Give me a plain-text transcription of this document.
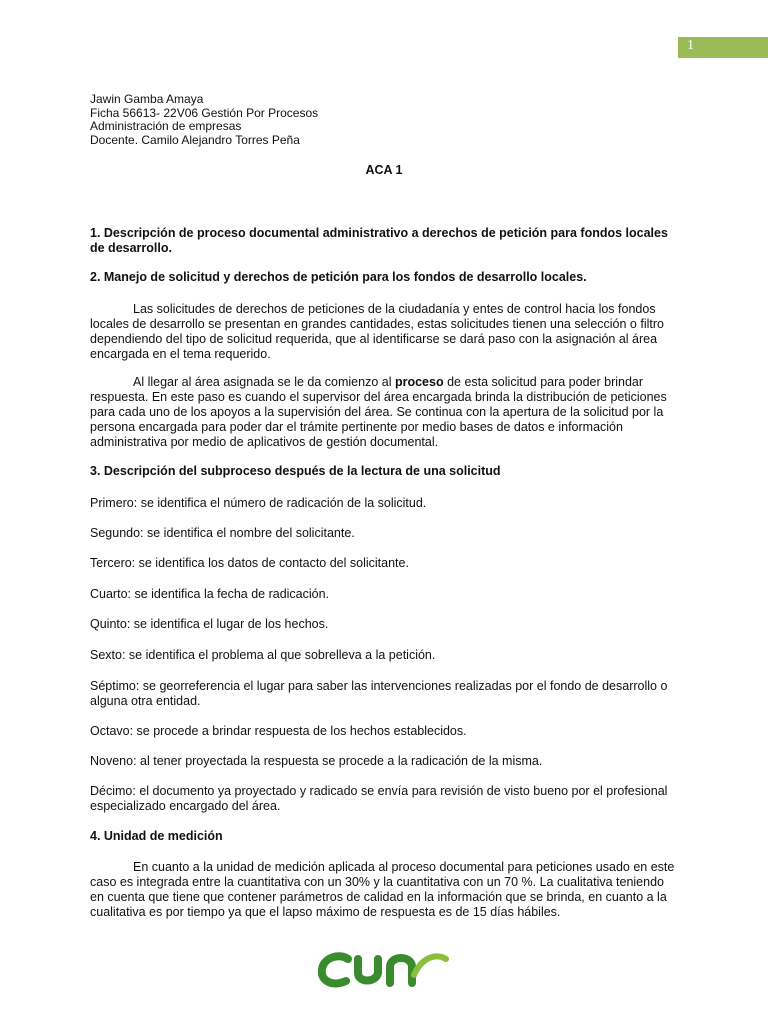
1
Jawin Gamba Amaya
Ficha 56613- 22V06 Gestión Por Procesos
Administración de empresas
Docente. Camilo Alejandro Torres Peña
ACA 1
1. Descripción de proceso documental administrativo a derechos de petición para fondos locales de desarrollo.
2. Manejo de solicitud y derechos de petición para los fondos de desarrollo locales.
Las solicitudes de derechos de peticiones de la ciudadanía y entes de control hacia los fondos locales de desarrollo se presentan en grandes cantidades, estas solicitudes tienen una selección o filtro dependiendo del tipo de solicitud requerida, que al identificarse se dará paso con la asignación al área encargada en el tema requerido.
Al llegar al área asignada se le da comienzo al proceso de esta solicitud para poder brindar respuesta. En este paso es cuando el supervisor del área encargada brinda la distribución de peticiones para cada uno de los apoyos a la supervisión del área. Se continua con la apertura de la solicitud por la persona encargada para poder dar el trámite pertinente por medio bases de datos e información administrativa por medio de aplicativos de gestión documental.
3. Descripción del subproceso después de la lectura de una solicitud
Primero: se identifica el número de radicación de la solicitud.
Segundo: se identifica el nombre del solicitante.
Tercero: se identifica los datos de contacto del solicitante.
Cuarto: se identifica la fecha de radicación.
Quinto: se identifica el lugar de los hechos.
Sexto: se identifica el problema al que sobrelleva a la petición.
Séptimo: se georreferencia el lugar para saber las intervenciones realizadas por el fondo de desarrollo o alguna otra entidad.
Octavo: se procede a brindar respuesta de los hechos establecidos.
Noveno: al tener proyectada la respuesta se procede a la radicación de la misma.
Décimo: el documento ya proyectado y radicado se envía para revisión de visto bueno por el profesional especializado encargado del área.
4. Unidad de medición
En cuanto a la unidad de medición aplicada al proceso documental para peticiones usado en este caso es integrada entre la cuantitativa con un 30% y la cuantitativa con un 70 %. La cualitativa teniendo en cuenta que tiene que contener parámetros de calidad en la información que se brinda, en cuanto a la cualitativa es por tiempo ya que el lapso máximo de respuesta es de 15 días hábiles.
